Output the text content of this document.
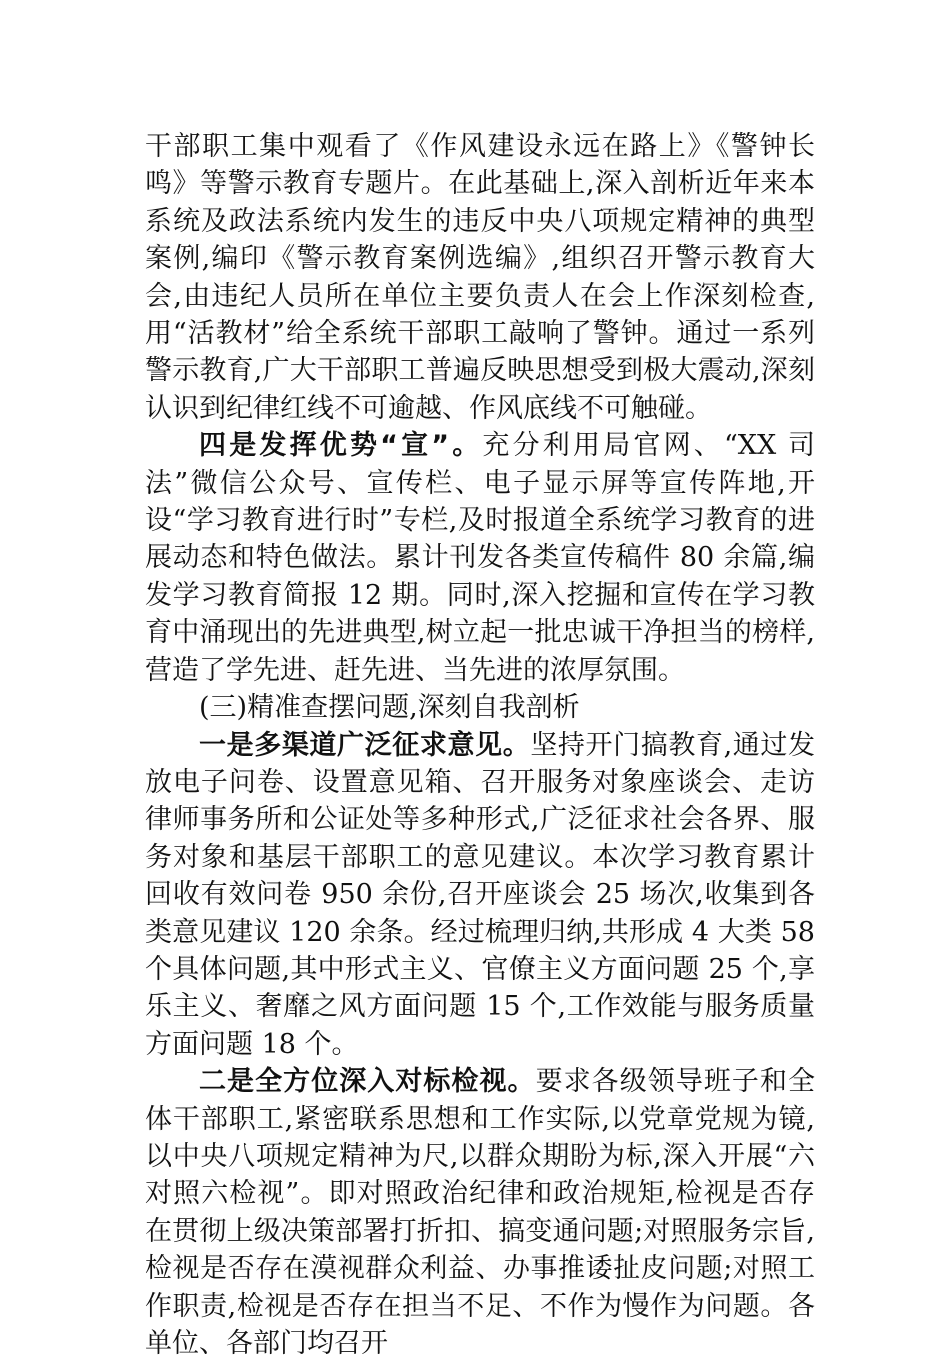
干部职工集中观看了《作风建设永远在路上》《警钟长鸣》等警示教育专题片。在此基础上,深入剖析近年来本系统及政法系统内发生的违反中央八项规定精神的典型案例,编印《警示教育案例选编》,组织召开警示教育大会,由违纪人员所在单位主要负责人在会上作深刻检查,用“活教材”给全系统干部职工敲响了警钟。通过一系列警示教育,广大干部职工普遍反映思想受到极大震动,深刻认识到纪律红线不可逾越、作风底线不可触碰。

四是发挥优势“宣”。充分利用局官网、“XX 司法”微信公众号、宣传栏、电子显示屏等宣传阵地,开设“学习教育进行时”专栏,及时报道全系统学习教育的进展动态和特色做法。累计刊发各类宣传稿件 80 余篇,编发学习教育简报 12 期。同时,深入挖掘和宣传在学习教育中涌现出的先进典型,树立起一批忠诚干净担当的榜样,营造了学先进、赶先进、当先进的浓厚氛围。

(三)精准查摆问题,深刻自我剖析

一是多渠道广泛征求意见。坚持开门搞教育,通过发放电子问卷、设置意见箱、召开服务对象座谈会、走访律师事务所和公证处等多种形式,广泛征求社会各界、服务对象和基层干部职工的意见建议。本次学习教育累计回收有效问卷 950 余份,召开座谈会 25 场次,收集到各类意见建议 120 余条。经过梳理归纳,共形成 4 大类 58 个具体问题,其中形式主义、官僚主义方面问题 25 个,享乐主义、奢靡之风方面问题 15 个,工作效能与服务质量方面问题 18 个。

二是全方位深入对标检视。要求各级领导班子和全体干部职工,紧密联系思想和工作实际,以党章党规为镜,以中央八项规定精神为尺,以群众期盼为标,深入开展“六对照六检视”。即对照政治纪律和政治规矩,检视是否存在贯彻上级决策部署打折扣、搞变通问题;对照服务宗旨,检视是否存在漠视群众利益、办事推诿扯皮问题;对照工作职责,检视是否存在担当不足、不作为慢作为问题。各单位、各部门均召开
